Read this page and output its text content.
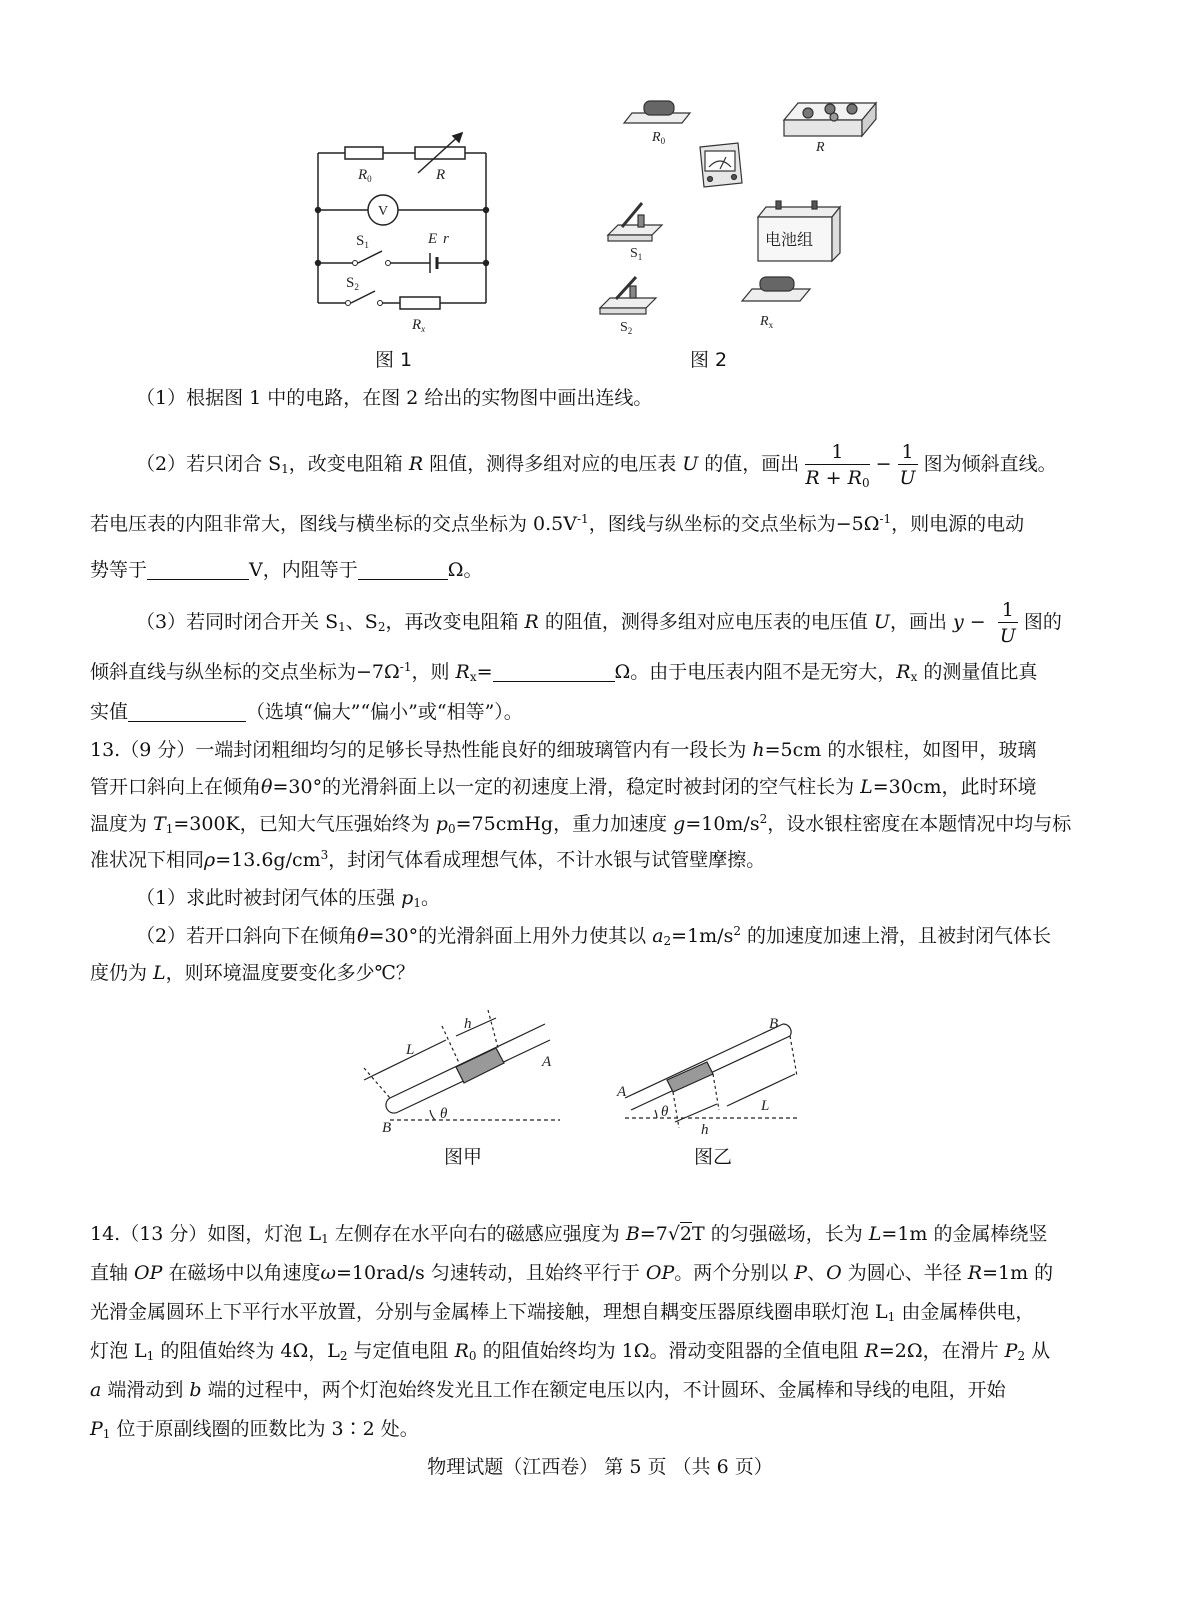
$R_0$	R
V
$S_1$	E r
$S_2$
$R_x$
图 1
$R_0$	R
$S_1$
$S_2$
$R_x$
电池组
图 2
（1）根据图 1 中的电路，在图 2 给出的实物图中画出连线。
（2）若只闭合 $S_1$，改变电阻箱 R 阻值，测得多组对应的电压表 U 的值，画出 $\frac{1}{R + R_0} - \frac{1}{U}$ 图为倾斜直线。
若电压表的内阻非常大，图线与横坐标的交点坐标为 $0.5V^{-1}$，图线与纵坐标的交点坐标为$-5\Omega^{-1}$，则电源的电动
势等于	V，内阻等于	Ω。
（3）若同时闭合开关 $S_1$、$S_2$，再改变电阻箱 R 的阻值，测得多组对应电压表的电压值 U，画出 $y - \frac{1}{U}$ 图的
倾斜直线与纵坐标的交点坐标为$-7\Omega^{-1}$，则 $R_x=$	Ω。由于电压表内阻不是无穷大，$R_x$ 的测量值比真
实值	（选填“偏大”“偏小”或“相等”）。
13.（9 分）一端封闭粗细均匀的足够长导热性能良好的细玻璃管内有一段长为 h=5cm 的水银柱，如图甲，玻璃
管开口斜向上在倾角θ=30°的光滑斜面上以一定的初速度上滑，稳定时被封闭的空气柱长为 L=30cm，此时环境
温度为 $T_1=300K$，已知大气压强始终为 $p_0=75cmHg$，重力加速度 $g=10m/s^2$，设水银柱密度在本题情况中均与标
准状况下相同$\rho=13.6g/cm^3$，封闭气体看成理想气体，不计水银与试管壁摩擦。
（1）求此时被封闭气体的压强 $p_1$。
（2）若开口斜向下在倾角θ=30°的光滑斜面上用外力使其以 $a_2=1m/s^2$ 的加速度加速上滑，且被封闭气体长
度仍为 L，则环境温度要变化多少℃？
L
h
A
B
θ
图甲
L
h
A
B
θ
图乙
14.（13 分）如图，灯泡 $L_1$ 左侧存在水平向右的磁感应强度为 B=7√2T 的匀强磁场，长为 L=1m 的金属棒绕竖
直轴 OP 在磁场中以角速度ω=10rad/s 匀速转动，且始终平行于 OP。两个分别以 P、O 为圆心、半径 R=1m 的
光滑金属圆环上下平行水平放置，分别与金属棒上下端接触，理想自耦变压器原线圈串联灯泡 $L_1$ 由金属棒供电，
灯泡 $L_1$ 的阻值始终为 4Ω，$L_2$ 与定值电阻 $R_0$ 的阻值始终均为 1Ω。滑动变阻器的全值电阻 R=2Ω，在滑片 $P_2$ 从
a 端滑动到 b 端的过程中，两个灯泡始终发光且工作在额定电压以内，不计圆环、金属棒和导线的电阻，开始
$P_1$ 位于原副线圈的匝数比为 3∶2 处。
物理试题（江西卷） 第 5 页 （共 6 页）
